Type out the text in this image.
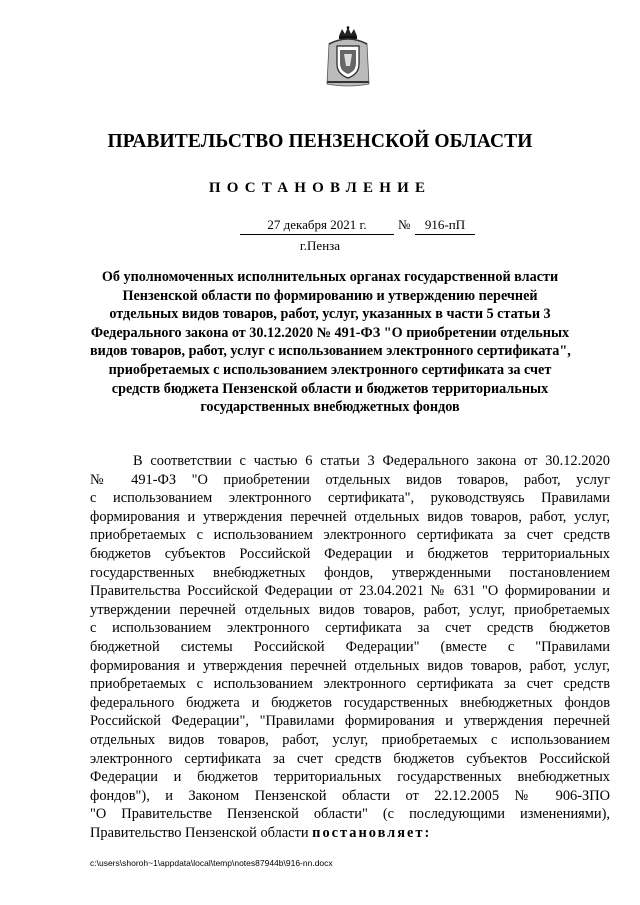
ПРАВИТЕЛЬСТВО ПЕНЗЕНСКОЙ ОБЛАСТИ
ПОСТАНОВЛЕНИЕ
27 декабря 2021 г.	№	916-пП
г.Пенза
Об уполномоченных исполнительных органах государственной власти
Пензенской области по формированию и утверждению перечней
отдельных видов товаров, работ, услуг, указанных в части 5 статьи 3
Федерального закона от 30.12.2020 № 491-ФЗ "О приобретении отдельных
видов товаров, работ, услуг с использованием электронного сертификата",
приобретаемых с использованием электронного сертификата за счет
средств бюджета Пензенской области и бюджетов территориальных
государственных внебюджетных фондов
В соответствии с частью 6 статьи 3 Федерального закона от 30.12.2020
№ 491-ФЗ "О приобретении отдельных видов товаров, работ, услуг
с использованием электронного сертификата", руководствуясь Правилами
формирования и утверждения перечней отдельных видов товаров, работ, услуг,
приобретаемых с использованием электронного сертификата за счет средств
бюджетов субъектов Российской Федерации и бюджетов территориальных
государственных внебюджетных фондов, утвержденными постановлением
Правительства Российской Федерации от 23.04.2021 № 631 "О формировании и
утверждении перечней отдельных видов товаров, работ, услуг, приобретаемых
с использованием электронного сертификата за счет средств бюджетов
бюджетной системы Российской Федерации" (вместе с "Правилами
формирования и утверждения перечней отдельных видов товаров, работ, услуг,
приобретаемых с использованием электронного сертификата за счет средств
федерального бюджета и бюджетов государственных внебюджетных фондов
Российской Федерации", "Правилами формирования и утверждения перечней
отдельных видов товаров, работ, услуг, приобретаемых с использованием
электронного сертификата за счет средств бюджетов субъектов Российской
Федерации и бюджетов территориальных государственных внебюджетных
фондов"), и Законом Пензенской области от 22.12.2005 № 906-ЗПО
"О Правительстве Пензенской области" (с последующими изменениями),
Правительство Пензенской области постановляет:
c:\users\shoroh~1\appdata\local\temp\notes87944b\916-nn.docx
